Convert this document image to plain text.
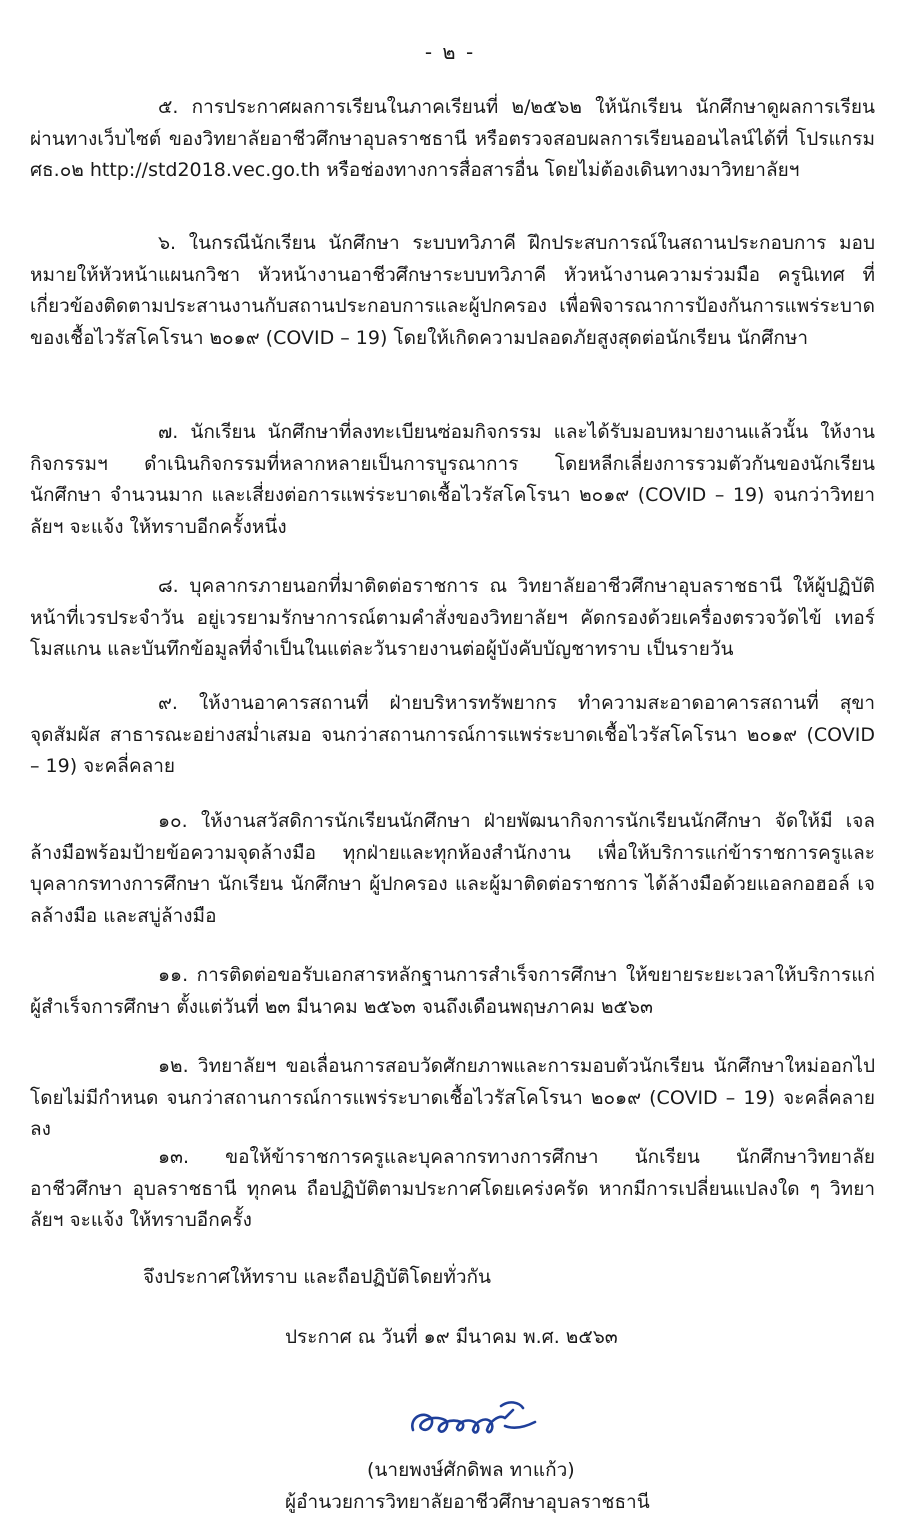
- ๒ -

๕. การประกาศผลการเรียนในภาคเรียนที่ ๒/๒๕๖๒ ให้นักเรียน นักศึกษาดูผลการเรียนผ่านทางเว็บไซต์ ของวิทยาลัยอาชีวศึกษาอุบลราชธานี หรือตรวจสอบผลการเรียนออนไลน์ได้ที่ โปรแกรม ศธ.๐๒ http://std2018.vec.go.th หรือช่องทางการสื่อสารอื่น โดยไม่ต้องเดินทางมาวิทยาลัยฯ

๖. ในกรณีนักเรียน นักศึกษา ระบบทวิภาคี ฝึกประสบการณ์ในสถานประกอบการ มอบหมายให้หัวหน้าแผนกวิชา หัวหน้างานอาชีวศึกษาระบบทวิภาคี หัวหน้างานความร่วมมือ ครูนิเทศ ที่เกี่ยวข้องติดตามประสานงานกับสถานประกอบการและผู้ปกครอง เพื่อพิจารณาการป้องกันการแพร่ระบาด ของเชื้อไวรัสโคโรนา ๒๐๑๙ (COVID – 19) โดยให้เกิดความปลอดภัยสูงสุดต่อนักเรียน นักศึกษา

๗. นักเรียน นักศึกษาที่ลงทะเบียนซ่อมกิจกรรม และได้รับมอบหมายงานแล้วนั้น ให้งาน กิจกรรมฯ ดำเนินกิจกรรมที่หลากหลายเป็นการบูรณาการ โดยหลีกเลี่ยงการรวมตัวกันของนักเรียน นักศึกษา จำนวนมาก และเสี่ยงต่อการแพร่ระบาดเชื้อไวรัสโคโรนา ๒๐๑๙ (COVID – 19) จนกว่าวิทยาลัยฯ จะแจ้ง ให้ทราบอีกครั้งหนึ่ง

๘. บุคลากรภายนอกที่มาติดต่อราชการ ณ วิทยาลัยอาชีวศึกษาอุบลราชธานี ให้ผู้ปฏิบัติ หน้าที่เวรประจำวัน อยู่เวรยามรักษาการณ์ตามคำสั่งของวิทยาลัยฯ คัดกรองด้วยเครื่องตรวจวัดไข้ เทอร์โมสแกน และบันทึกข้อมูลที่จำเป็นในแต่ละวันรายงานต่อผู้บังคับบัญชาทราบ เป็นรายวัน

๙. ให้งานอาคารสถานที่ ฝ่ายบริหารทรัพยากร ทำความสะอาดอาคารสถานที่ สุขา จุดสัมผัส สาธารณะอย่างสม่ำเสมอ จนกว่าสถานการณ์การแพร่ระบาดเชื้อไวรัสโคโรนา ๒๐๑๙ (COVID – 19) จะคลี่คลาย

๑๐. ให้งานสวัสดิการนักเรียนนักศึกษา ฝ่ายพัฒนากิจการนักเรียนนักศึกษา จัดให้มี เจลล้างมือพร้อมป้ายข้อความจุดล้างมือ ทุกฝ่ายและทุกห้องสำนักงาน เพื่อให้บริการแก่ข้าราชการครูและ บุคลากรทางการศึกษา นักเรียน นักศึกษา ผู้ปกครอง และผู้มาติดต่อราชการ ได้ล้างมือด้วยแอลกอฮอล์ เจลล้างมือ และสบู่ล้างมือ

๑๑. การติดต่อขอรับเอกสารหลักฐานการสำเร็จการศึกษา ให้ขยายระยะเวลาให้บริการแก่ ผู้สำเร็จการศึกษา ตั้งแต่วันที่ ๒๓ มีนาคม ๒๕๖๓ จนถึงเดือนพฤษภาคม ๒๕๖๓

๑๒. วิทยาลัยฯ ขอเลื่อนการสอบวัดศักยภาพและการมอบตัวนักเรียน นักศึกษาใหม่ออกไป โดยไม่มีกำหนด จนกว่าสถานการณ์การแพร่ระบาดเชื้อไวรัสโคโรนา ๒๐๑๙ (COVID – 19) จะคลี่คลายลง

๑๓. ขอให้ข้าราชการครูและบุคลากรทางการศึกษา นักเรียน นักศึกษาวิทยาลัยอาชีวศึกษา อุบลราชธานี ทุกคน ถือปฏิบัติตามประกาศโดยเคร่งครัด หากมีการเปลี่ยนแปลงใด ๆ วิทยาลัยฯ จะแจ้ง ให้ทราบอีกครั้ง

จึงประกาศให้ทราบ และถือปฏิบัติโดยทั่วกัน
ประกาศ ณ วันที่ ๑๙ มีนาคม พ.ศ. ๒๕๖๓
(นายพงษ์ศักดิพล ทาแก้ว)
ผู้อำนวยการวิทยาลัยอาชีวศึกษาอุบลราชธานี
